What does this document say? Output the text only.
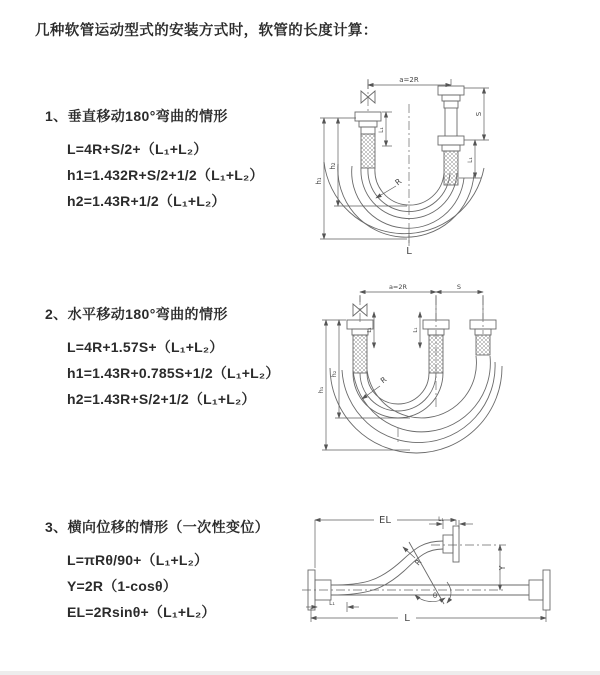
几种软管运动型式的安装方式时，软管的长度计算：
1、垂直移动180°弯曲的情形
L=4R+S/2+（L₁+L₂）
h1=1.432R+S/2+1/2（L₁+L₂）
h2=1.43R+1/2（L₁+L₂）
2、水平移动180°弯曲的情形
L=4R+1.57S+（L₁+L₂）
h1=1.43R+0.785S+1/2（L₁+L₂）
h2=1.43R+S/2+1/2（L₁+L₂）
3、横向位移的情形（一次性变位）
L=πRθ/90+（L₁+L₂）
Y=2R（1-cosθ）
EL=2Rsinθ+（L₁+L₂）
a=2R
h₁
h₂
L₁
S
L₁
R
L
a=2R	S
h₁
h₂
L₁	L₁
R
EL
L
Y
L₁
L₁
R
θ
